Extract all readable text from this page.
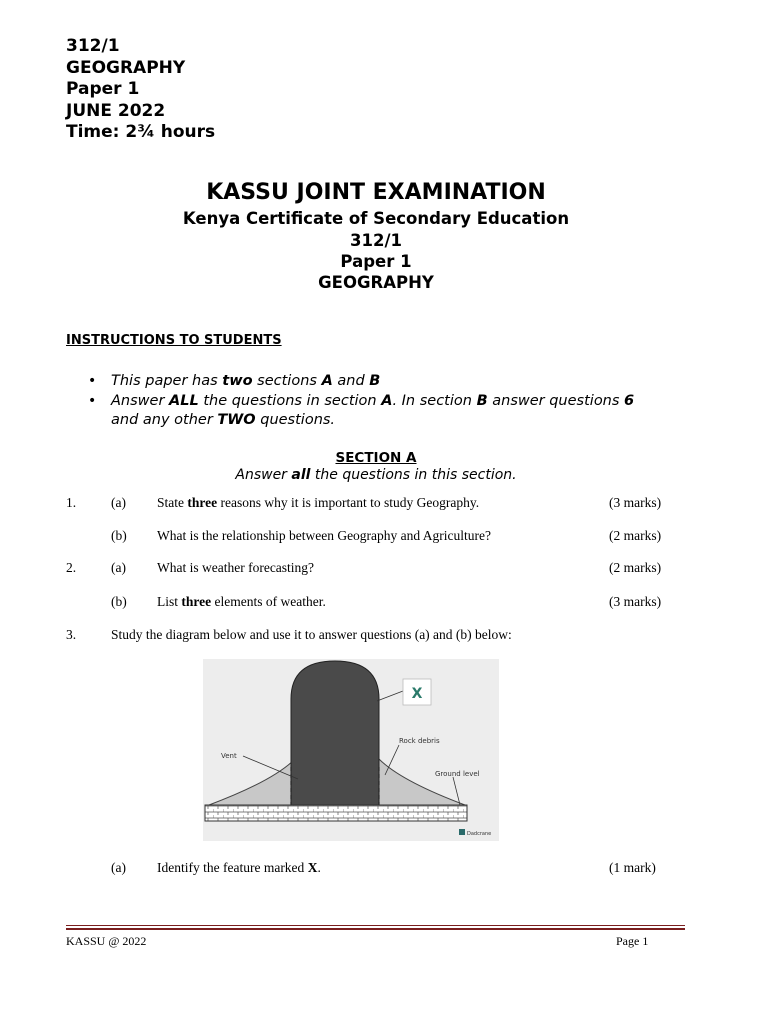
312/1
GEOGRAPHY
Paper 1
JUNE 2022
Time: 2¾ hours
KASSU JOINT EXAMINATION
Kenya Certificate of Secondary Education
312/1
Paper 1
GEOGRAPHY
INSTRUCTIONS TO STUDENTS
• This paper has two sections A and B
• Answer ALL the questions in section A. In section B answer questions 6
and any other TWO questions.
SECTION A
Answer all the questions in this section.
1.	(a) State three reasons why it is important to study Geography.	(3 marks)
(b) What is the relationship between Geography and Agriculture?	(2 marks)
2.	(a) What is weather forecasting?	(2 marks)
(b) List three elements of weather.	(3 marks)
3.	Study the diagram below and use it to answer questions (a) and (b) below:
X
Vent
Rock debris
Ground level
Dadcrane
(a) Identify the feature marked X.	(1 mark)
KASSU @ 2022	Page 1
